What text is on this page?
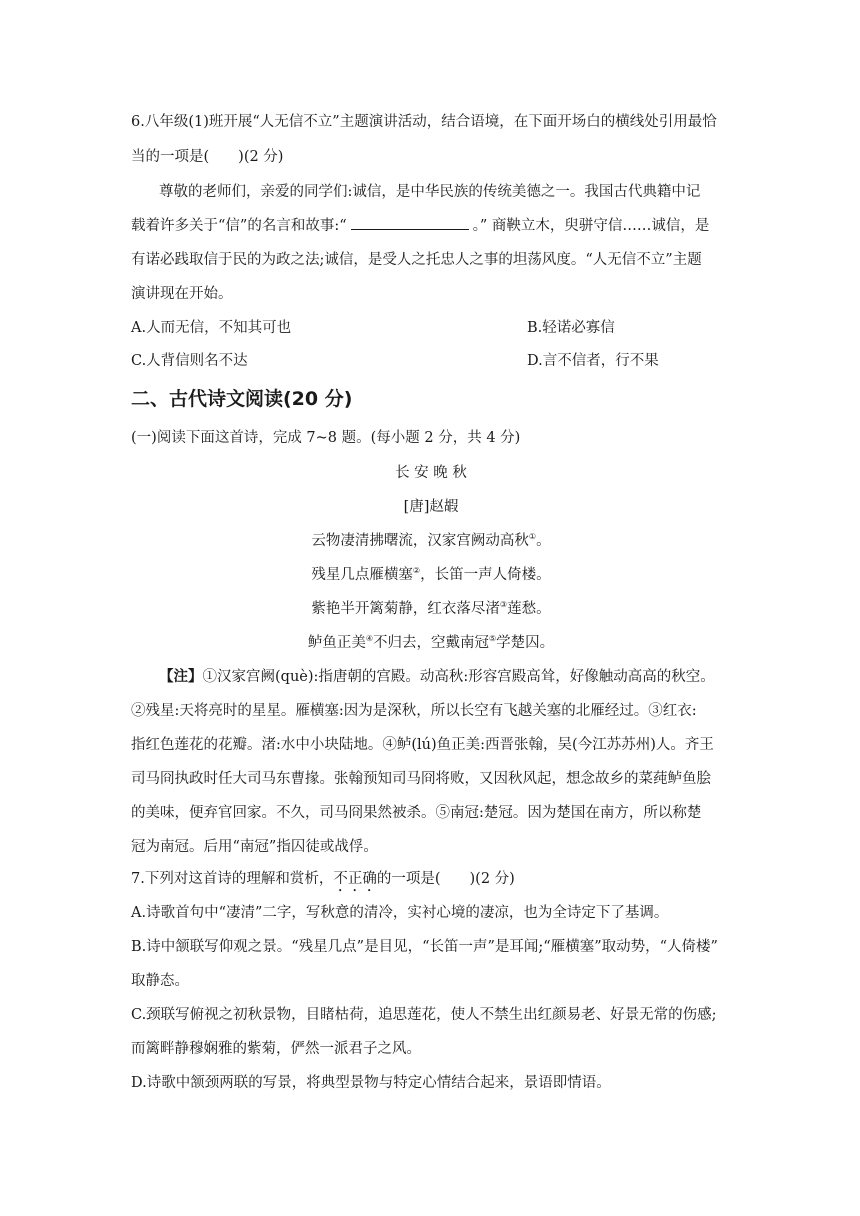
6.八年级(1)班开展“人无信不立”主题演讲活动，结合语境，在下面开场白的横线处引用最恰
当的一项是(　　)(2 分)
尊敬的老师们，亲爱的同学们:诚信，是中华民族的传统美德之一。我国古代典籍中记
载着许多关于“信”的名言和故事:“	。” 商鞅立木，臾骈守信……诚信，是
有诺必践取信于民的为政之法;诚信，是受人之托忠人之事的坦荡风度。“人无信不立”主题
演讲现在开始。
A.人而无信，不知其可也	B.轻诺必寡信
C.人背信则名不达	D.言不信者，行不果
二、古代诗文阅读(20 分)
(一)阅读下面这首诗，完成 7~8 题。(每小题 2 分，共 4 分)
长 安 晚 秋
[唐]赵嘏
云物凄清拂曙流，汉家宫阙动高秋①。
残星几点雁横塞②，长笛一声人倚楼。
紫艳半开篱菊静，红衣落尽渚③莲愁。
鲈鱼正美④不归去，空戴南冠⑤学楚囚。
【注】①汉家宫阙(què):指唐朝的宫殿。动高秋:形容宫殿高耸，好像触动高高的秋空。
②残星:天将亮时的星星。雁横塞:因为是深秋，所以长空有飞越关塞的北雁经过。③红衣:
指红色莲花的花瓣。渚:水中小块陆地。④鲈(lú)鱼正美:西晋张翰，吴(今江苏苏州)人。齐王
司马冏执政时任大司马东曹掾。张翰预知司马冏将败，又因秋风起，想念故乡的菜莼鲈鱼脍
的美味，便弃官回家。不久，司马冏果然被杀。⑤南冠:楚冠。因为楚国在南方，所以称楚
冠为南冠。后用“南冠”指囚徒或战俘。
7.下列对这首诗的理解和赏析，不正确的一项是(　　)(2 分)
A.诗歌首句中“凄清”二字，写秋意的清冷，实衬心境的凄凉，也为全诗定下了基调。
B.诗中颔联写仰观之景。“残星几点”是目见，“长笛一声”是耳闻;“雁横塞”取动势，“人倚楼”
取静态。
C.颈联写俯视之初秋景物，目睹枯荷，追思莲花，使人不禁生出红颜易老、好景无常的伤感;
而篱畔静穆娴雅的紫菊，俨然一派君子之风。
D.诗歌中颔颈两联的写景，将典型景物与特定心情结合起来，景语即情语。
